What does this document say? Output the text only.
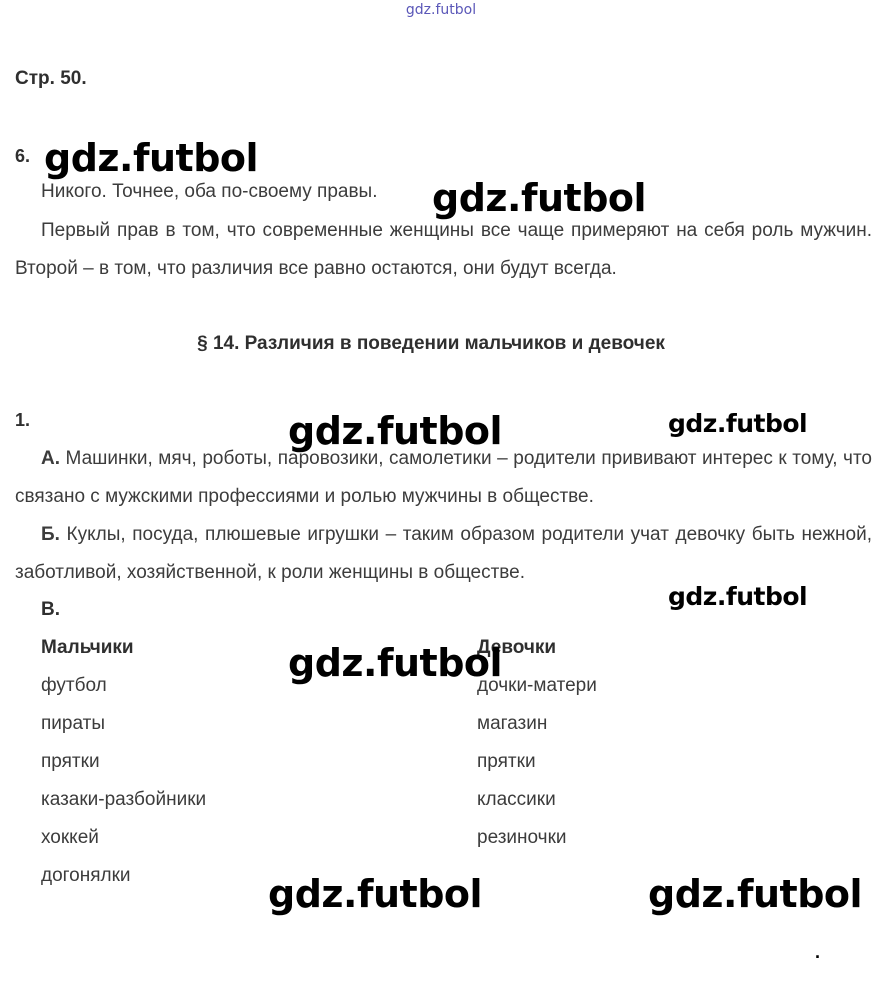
gdz.futbol
Стр. 50.
6.
Никого. Точнее, оба по-своему правы.
Первый прав в том, что современные женщины все чаще примеряют на себя роль мужчин. Второй – в том, что различия все равно остаются, они будут всегда.
§ 14. Различия в поведении мальчиков и девочек
1.
А. Машинки, мяч, роботы, паровозики, самолетики – родители прививают интерес к тому, что связано с мужскими профессиями и ролью мужчины в обществе.
Б. Куклы, посуда, плюшевые игрушки – таким образом родители учат девочку быть нежной, заботливой, хозяйственной, к роли женщины в обществе.
В.
Мальчики
футбол
пираты
прятки
казаки-разбойники
хоккей
догонялки
Девочки
дочки-матери
магазин
прятки
классики
резиночки
gdz.futbol
gdz.futbol
gdz.futbol	gdz.futbol
gdz.futbol
gdz.futbol
gdz.futbol	gdz.futbol
.
